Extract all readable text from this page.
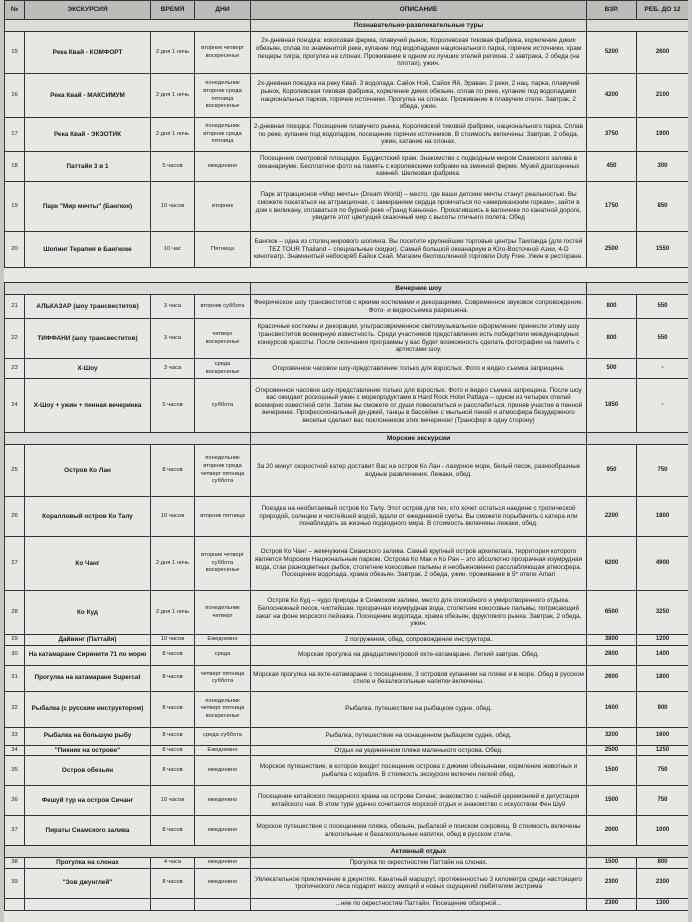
№	ЭКСКУРСИЯ	ВРЕМЯ	ДНИ	ОПИСАНИЕ	ВЗР.	РЕБ. ДО 12
				Познавательно-развлекательные туры		
15	Река Квай - КОМФОРТ	2 дня 1 ночь	вторник четверг воскресенье	2х-дневная поездка: кокосовая ферма, плавучий рынок, Королевская тиковая фабрика, кормление диких обезьян, сплав по знаменитой реке, купание под водопадами национального парка, горячие источники, храм пещеры тигра, прогулка на слонах. Проживание в одном из лучших отелей региона. 2 завтрака, 2 обеда (на плотах), ужин.	5200	2600
16	Река Квай - МАКСИМУМ	2 дня 1 ночь	понедельник вторник среда пятница воскресенье	2х-дневная поездка на реку Квай. 3 водопада: Сайок Ной, Сайок Яй, Эраван. 2 реки, 2 нац. парка, плавучий рынок, Королевская тиковая фабрика, кормление диких обезьян, сплав по реке, купание под водопадами национальных парков, горячие источники. Прогулка на слонах. Проживание в плавучем отеле. Завтрак, 2 обеда, ужин.	4200	2100
17	Река Квай - ЭКЗОТИК	2 дня 1 ночь	понедельник вторник среда пятница	2-дневная поездка: Посещение плавучего рынка, Королевской тиковой фабрики, национального парка. Сплав по реке, купание под водопадом, посещение горячих источников. В стоимость включены: Завтрак, 2 обеда, ужин, катание на слонах.	3750	1900
18	Паттайя 3 в 1	5 часов	ежедневно	Посещение смотровой площадки. Буддистский храм. Знакомство с подводным миром Сиамского залива в океанариуме. Бесплатное фото на память с королевскими кобрами на змеиной ферме. Музей драгоценных камней. Шелковая фабрика.	450	300
19	Парк "Мир мечты" (Бангкок)	10 часов	вторник	Парк аттракционов «Мир мечты» (Dream World) – место, где ваши детские мечты станут реальностью. Вы сможете покататься на аттракционах, с замиранием сердца промчаться по «американским горкам», зайти в дом к великану, сплаваться по бурной реке «Гранд Каньона». Прокатившись в вагончике по канатной дороге, увидите этот цветущий сказочный мир с высоты птичьего полета. Обед	1750	850
20	Шопинг Терапия в Бангкоке	10 час	Пятница	Бангкок – одна из столиц мирового шопинга. Вы посетите крупнейшие торговые центры Таиланда (для гостей TEZ TOUR Thailand – специальные скидки). Самый большой океанариум в Юго-Восточной Азии, 4-D кинотеатр. Знаменитый небоскрёб Байок Скай. Магазин беспошлинной торговли Duty Free. Ужин в ресторане.	2500	1550

				Вечерние шоу		
21	АЛЬКАЗАР (шоу трансвеститов)	3 часа	вторник суббота	Феерическое шоу трансвеститов с яркими костюмами и декорациями. Современное звуковое сопровождение. Фото- и видеосъемка разрешена.	800	550
22	ТИФФАНИ (шоу трансвеститов)	3 часа	четверг воскресенье	Красочные костюмы и декорации, ультрасовременное светомузыкальное оформление принесли этому шоу трансвеститов всемирную известность. Среди участников представления есть победители международных конкурсов красоты. После окончания программы у вас будет возможность сделать фотографии на память с артистами шоу.	800	550
23	Х-Шоу	3 часа	среда воскресенье	Откровенное часовое шоу-представление только для взрослых. Фото и видео съемка запрещена.	500	-
24	Х-Шоу + ужин + пенная вечеринка	5 часов	суббота	Откровенное часовое шоу-представление только для взрослых. Фото и видео съемка запрещена. После шоу вас ожидает роскошный ужин с морепродуктами в Hard Rock Hotel Pattaya – одном из четырех отелей всемирно известной сети. Затем вы сможете от души повеселиться и расслабиться, приняв участие в пенной вечеринке. Профессиональный ди-джей, танцы в бассейне с мыльной пеной и атмосфера безудержного веселья сделает вас поклонником этих вечеринок! (Трансфер в одну сторону)	1850	-
				Морские экскурсии		
25	Остров Ко Лан	8 часов	понедельник вторник среда четверг пятница суббота	За 20 минут скоростной катер доставит Вас на остров Ко Лан - лазурное море, белый песок, разнообразные водные развлечения. Лежаки, обед.	950	750
26	Коралловый остров Ко Талу	10 часов	вторник пятница	Поездка на необитаемый остров Ко Талу. Этот остров для тех, кто хочет остаться наедине с тропической природой, солнцем и чистейшей водой, вдали от ежедневной суеты. Вы сможете порыбачить с катера или понаблюдать за жизнью подводного мира. В стоимость включены лежаки, обед.	2200	1800
27	Ко Чанг	2 дня 1 ночь	вторник четверг суббота воскресенье	Остров Ко Чанг – жемчужина Сиамского залива. Самый крупный остров архипелага, территория которого является Морским Национальным парком. Острова Ко Мак и Ко Ран – это абсолютно прозрачная изумрудная вода, стаи разноцветных рыбок, столетние кокосовые пальмы и необыкновенно расслабляющая атмосфера. Посещение водопада, храма обезьян. Завтрак, 2 обеда, ужин, проживание в 5* отеле Amari	6200	4900
28	Ко Куд	2 дня 1 ночь	понедельник четверг	Остров Ко Куд – чудо природы в Сиамском заливе, место для спокойного и умиротворенного отдыха. Белоснежный песок, чистейшая, прозрачная изумрудная вода, столетние кокосовые пальмы, потрясающий закат на фоне морского пейзажа. Посещение водопада, храма обезьян, фруктового рынка. Завтрак, 2 обеда, ужин.	6500	3250
29	Дайвинг (Паттайя)	10 часов	Ежедневно	2 погружения, обед, сопровождение инструктора.	3800	1200
30	На катамаране Сиринити 71 по морю	8 часов	среда	Морская прогулка на двадцатиметровой яхте-катамаране. Легкий завтрак. Обед.	2800	1400
31	Прогулка на катамаране Supercat	8 часов	четверг пятница суббота	Морская прогулка на яхте-катамаране с посещением, 3 островов купанием на пляже и в море. Обед в русском стиле и безалкогольные напитки включены.	2600	1800
32	Рыбалка (с русским инструктором)	8 часов	понедельник четверг пятница воскресенье	Рыбалка, путешествие на рыбацком судне, обед.	1600	900
33	Рыбалка на большую рыбу	8 часов	среда суббота	Рыбалка, путешествие на оснащенном рыбацком судне, обед.	3200	1600
34	"Пикник на острове"	8 часов	Ежедневно	Отдых на уединенном пляже маленького острова. Обед.	2500	1250
35	Остров обезьян	8 часов	ежедневно	Морское путешествие, в которое входит посещение острова с дикими обезьянами, кормление животных и рыбалка с корабля. В стоимость экскурсии включен легкий обед.	1500	750
36	Фешуй тур на остров Сичанг	10 часов	ежедневно	Посещение китайского пещерного храма на острове Сичанг, знакомство с чайной церемонией и дегустация китайского чая. В этом туре удачно сочетается морской отдых и знакомство с искусством Фен Шуй	1500	750
37	Пираты Сиамского залива	8 часов	ежедневно	Морское путешествие с посещением пляжа, обезьян, рыбалкой и поиском сокровищ. В стоимость включены алкогольные и безалкогольные напитки, обед в русском стиле.	2000	1000
				Активный отдых		
38	Прогулка на слонах	4 часа	ежедневно	Прогулка по окрестностям Паттайи на слонах.	1500	800
39	"Зов джунглей"	8 часов	ежедневно	Увлекательное приключение в джунглях. Канатный маршрут, протяженностью 3 километра среди настоящего тропического леса подарит массу эмоций и новых ощущений любителям экстрима	2300	2300
				...ние по окрестностям Паттайи. Посещение обзорной...	2300	1300
